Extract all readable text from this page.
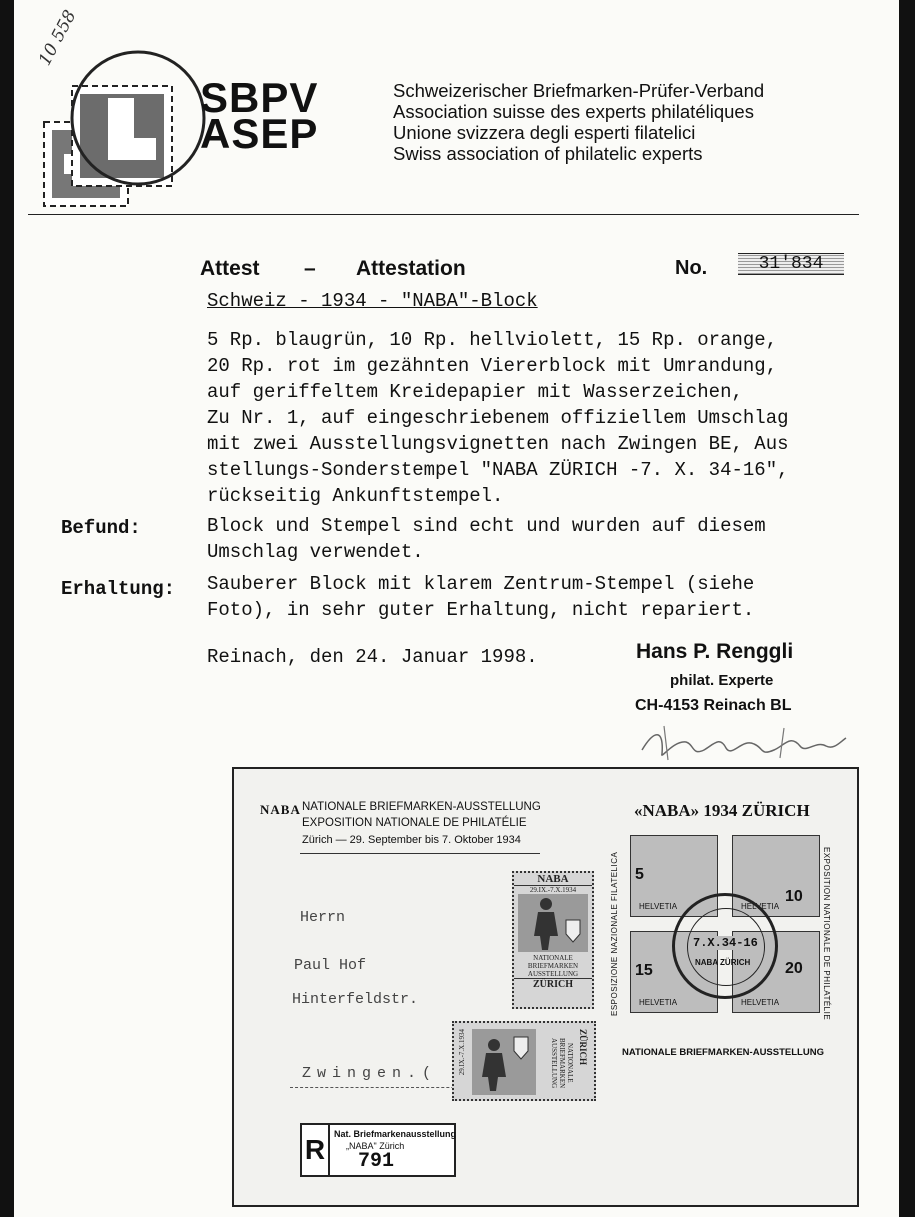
10 558
SBPV
ASEP
Schweizerischer Briefmarken-Prüfer-Verband
Association suisse des experts philatéliques
Unione svizzera degli esperti filatelici
Swiss association of philatelic experts
Attest – Attestation	No.	31'834
Schweiz - 1934 - "NABA"-Block
5 Rp. blaugrün, 10 Rp. hellviolett, 15 Rp. orange,
20 Rp. rot im gezähnten Viererblock mit Umrandung,
auf geriffeltem Kreidepapier mit Wasserzeichen,
Zu Nr. 1, auf eingeschriebenem offiziellem Umschlag
mit zwei Ausstellungsvignetten nach Zwingen BE, Aus
stellungs-Sonderstempel "NABA ZÜRICH -7. X. 34-16",
rückseitig Ankunftstempel.
Befund:	Block und Stempel sind echt und wurden auf diesem
Umschlag verwendet.
Erhaltung: Sauberer Block mit klarem Zentrum-Stempel (siehe
Foto), in sehr guter Erhaltung, nicht repariert.
Reinach, den 24. Januar 1998.	Hans P. Renggli
philat. Experte
CH-4153 Reinach BL
NABA NATIONALE BRIEFMARKEN-AUSSTELLUNG
EXPOSITION NATIONALE DE PHILATÉLIE
Zürich — 29. September bis 7. Oktober 1934
Herrn
Paul Hof
Hinterfeldstr.
Zwingen.(
NABA
29.IX.-7.X.1934
NATIONALE BRIEFMARKEN AUSSTELLUNG
ZÜRICH
29.IX.-7.X.1934	NATIONALE BRIEFMARKEN AUSSTELLUNG	ZÜRICH
R Nat. Briefmarkenausstellung
„NABA" Zürich
791
«NABA» 1934 ZÜRICH
ESPOSIZIONE NAZIONALE FILATELICA	EXPOSITION NATIONALE DE PHILATÉLIE
NATIONALE BRIEFMARKEN-AUSSTELLUNG
5
HELVETIA
10
HELVETIA
15
HELVETIA
20
HELVETIA
7.X.34-16
NABA ZÜRICH
